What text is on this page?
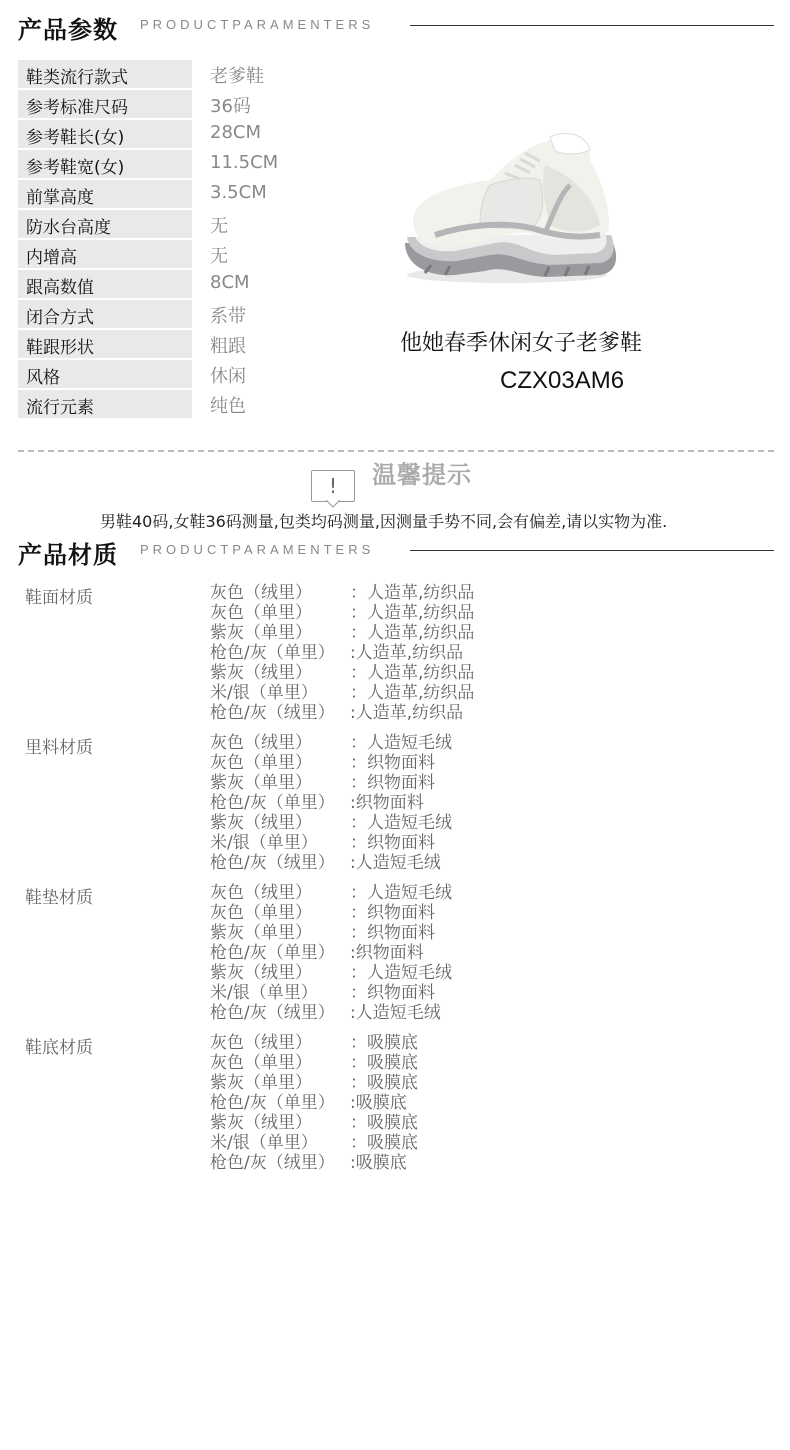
产品参数 PRODUCTPARAMENTERS
鞋类流行款式	老爹鞋
参考标准尺码	36码
参考鞋长(女)	28CM
参考鞋宽(女)	11.5CM
前掌高度	3.5CM
防水台高度	无
内增高	无
跟高数值	8CM
闭合方式	系带
鞋跟形状	粗跟
风格	休闲
流行元素	纯色
他她春季休闲女子老爹鞋
CZX03AM6
!	温馨提示
男鞋40码,女鞋36码测量,包类均码测量,因测量手势不同,会有偏差,请以实物为准.
产品材质 PRODUCTPARAMENTERS
鞋面材质	灰色（绒里） ：人造革,纺织品
灰色（单里） ：人造革,纺织品
紫灰（单里） ：人造革,纺织品
枪色/灰（单里） :人造革,纺织品
紫灰（绒里） ：人造革,纺织品
米/银（单里） ：人造革,纺织品
枪色/灰（绒里） :人造革,纺织品
里料材质	灰色（绒里） ：人造短毛绒
灰色（单里） ：织物面料
紫灰（单里） ：织物面料
枪色/灰（单里） :织物面料
紫灰（绒里） ：人造短毛绒
米/银（单里） ：织物面料
枪色/灰（绒里） :人造短毛绒
鞋垫材质	灰色（绒里） ：人造短毛绒
灰色（单里） ：织物面料
紫灰（单里） ：织物面料
枪色/灰（单里） :织物面料
紫灰（绒里） ：人造短毛绒
米/银（单里） ：织物面料
枪色/灰（绒里） :人造短毛绒
鞋底材质	灰色（绒里） ：吸膜底
灰色（单里） ：吸膜底
紫灰（单里） ：吸膜底
枪色/灰（单里） :吸膜底
紫灰（绒里） ：吸膜底
米/银（单里） ：吸膜底
枪色/灰（绒里） :吸膜底
